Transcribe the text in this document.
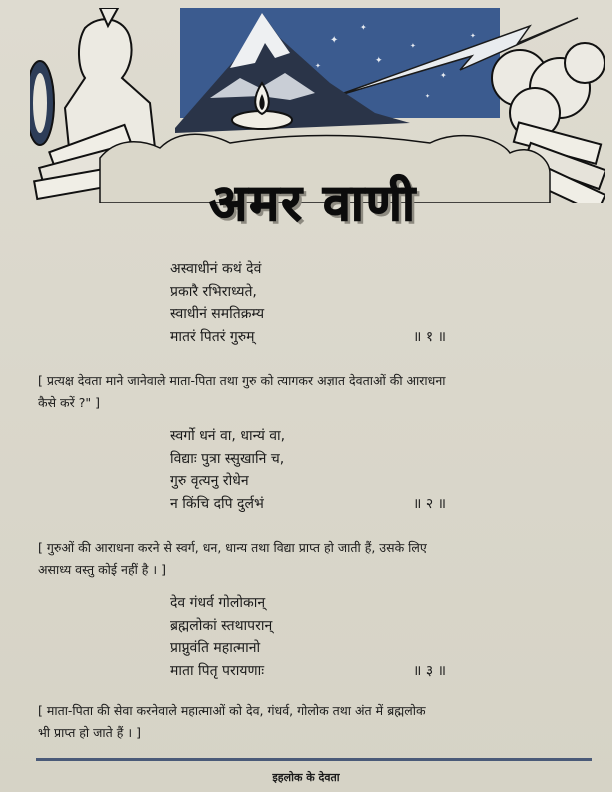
✦
✦
✦
✦
✦
✦
✦
✦
अमर वाणी
अस्वाधीनं कथं देवं
प्रकारै रभिराध्यते,
स्वाधीनं समतिक्रम्य
मातरं पितरं गुरुम्	॥ १ ॥
[ प्रत्यक्ष देवता माने जानेवाले माता-पिता तथा गुरु को त्यागकर अज्ञात देवताओं की आराधना
कैसे करें ?" ]
स्वर्गो धनं वा, धान्यं वा,
विद्याः पुत्रा स्सुखानि च,
गुरु वृत्यनु रोधेन
न किंचि दपि दुर्लभं	॥ २ ॥
[ गुरुओं की आराधना करने से स्वर्ग, धन, धान्य तथा विद्या प्राप्त हो जाती हैं, उसके लिए
असाध्य वस्तु कोई नहीं है । ]
देव गंधर्व गोलोकान्
ब्रह्मलोकां स्तथापरान्
प्राप्नुवंति महात्मानो
माता पितृ परायणाः	॥ ३ ॥
[ माता-पिता की सेवा करनेवाले महात्माओं को देव, गंधर्व, गोलोक तथा अंत में ब्रह्मलोक
भी प्राप्त हो जाते हैं । ]
इहलोक के देवता
